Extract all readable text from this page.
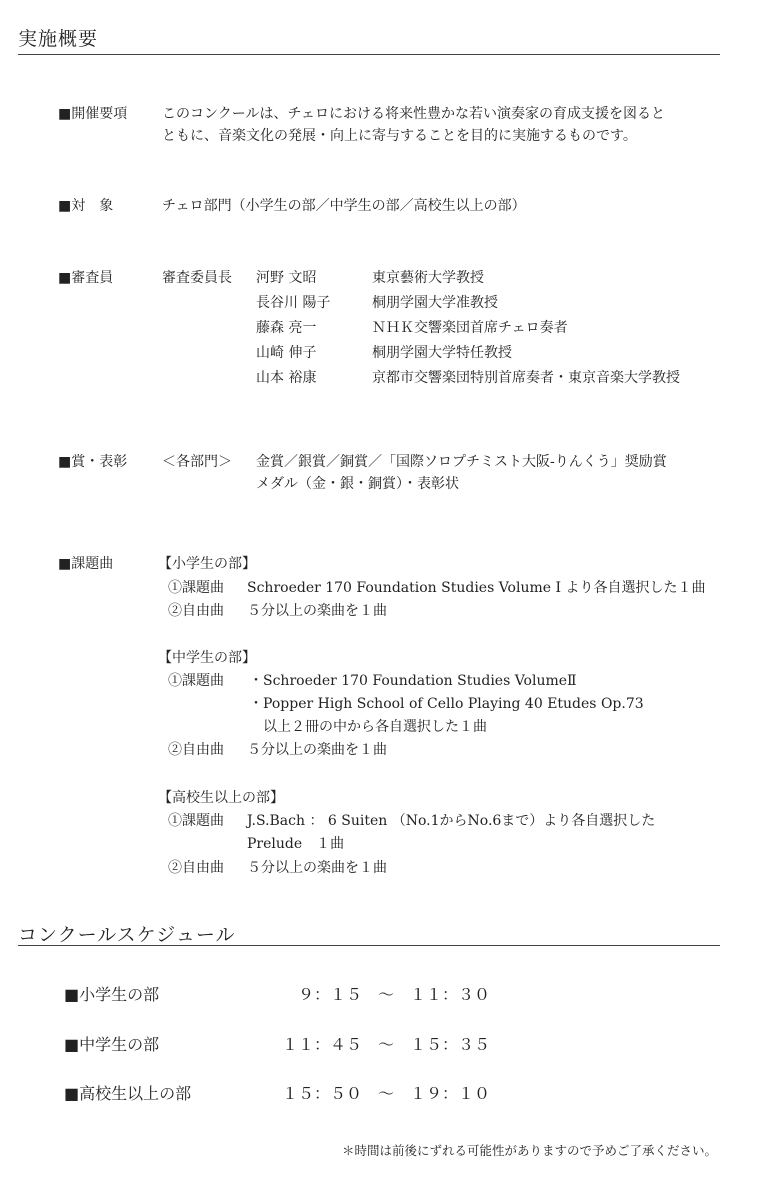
実施概要
■開催要項 このコンクールは、チェロにおける将来性豊かな若い演奏家の育成支援を図ると
ともに、音楽文化の発展・向上に寄与することを目的に実施するものです。
■対　象	チェロ部門（小学生の部／中学生の部／高校生以上の部）
■審査員	審査委員長 河野 文昭	東京藝術大学教授
長谷川 陽子	桐朋学園大学准教授
藤森 亮一	ＮＨＫ交響楽団首席チェロ奏者
山崎 伸子	桐朋学園大学特任教授
山本 裕康	京都市交響楽団特別首席奏者・東京音楽大学教授
■賞・表彰 ＜各部門＞ 金賞／銀賞／銅賞／「国際ソロプチミスト大阪-りんくう」奨励賞
メダル（金・銀・銅賞）・表彰状
■課題曲	【小学生の部】
①課題曲 Schroeder 170 Foundation Studies Volume Ⅰ より各自選択した１曲
②自由曲 ５分以上の楽曲を１曲
【中学生の部】
①課題曲 ・Schroeder 170 Foundation Studies VolumeⅡ
・Popper High School of Cello Playing 40 Etudes Op.73
以上２冊の中から各自選択した１曲
②自由曲 ５分以上の楽曲を１曲
【高校生以上の部】
①課題曲 J.S.Bach ： 6 Suiten （No.1からNo.6まで）より各自選択した
Prelude　１曲
②自由曲 ５分以上の楽曲を１曲
コンクールスケジュール
■小学生の部	９：１５　～　１１：３０
■中学生の部	１１：４５　～　１５：３５
■高校生以上の部	１５：５０　～　１９：１０
＊時間は前後にずれる可能性がありますので予めご了承ください。
